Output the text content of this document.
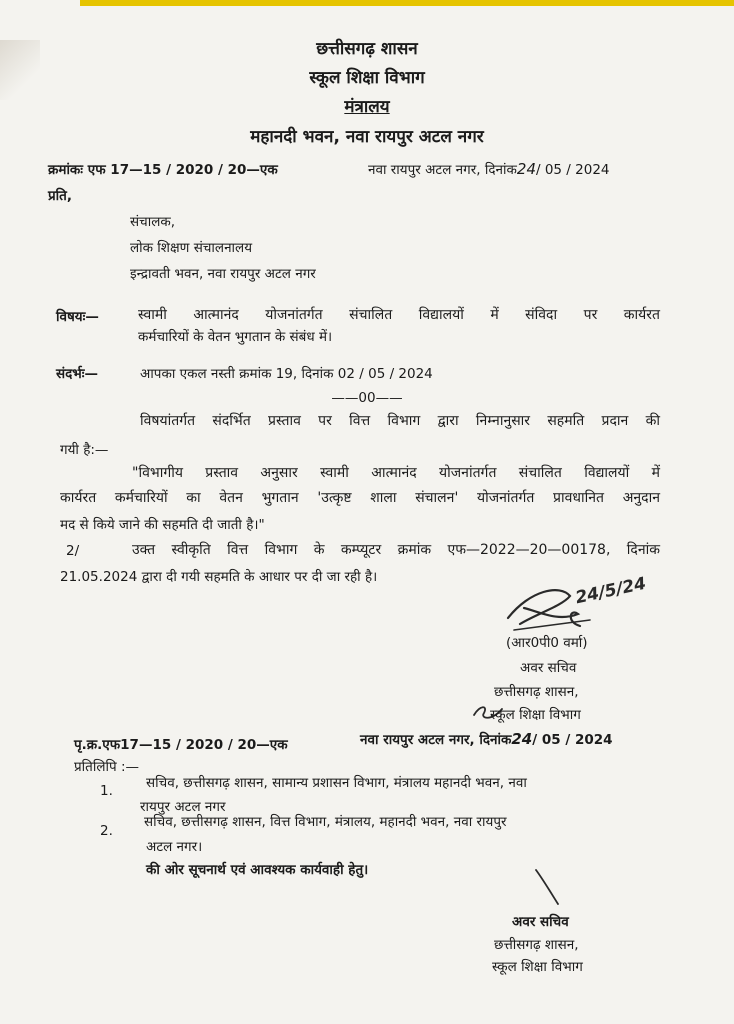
छत्तीसगढ़ शासन
स्कूल शिक्षा विभाग
मंत्रालय
महानदी भवन, नवा रायपुर अटल नगर
क्रमांकः एफ 17—15 / 2020 / 20—एक	नवा रायपुर अटल नगर, दिनांक24/ 05 / 2024
प्रति,
संचालक,
लोक शिक्षण संचालनालय
इन्द्रावती भवन, नवा रायपुर अटल नगर
विषयः—	स्वामी आत्मानंद योजनांतर्गत संचालित विद्यालयों में संविदा पर कार्यरत
कर्मचारियों के वेतन भुगतान के संबंध में।
संदर्भः—	आपका एकल नस्ती क्रमांक 19, दिनांक 02 / 05 / 2024
——00——
विषयांतर्गत संदर्भित प्रस्ताव पर वित्त विभाग द्वारा निम्नानुसार सहमति प्रदान की
गयी है:—
"विभागीय प्रस्ताव अनुसार स्वामी आत्मानंद योजनांतर्गत संचालित विद्यालयों में
कार्यरत कर्मचारियों का वेतन भुगतान 'उत्कृष्ट शाला संचालन' योजनांतर्गत प्रावधानित अनुदान
मद से किये जाने की सहमति दी जाती है।"
2/	उक्त स्वीकृति वित्त विभाग के कम्प्यूटर क्रमांक एफ—2022—20—00178, दिनांक
21.05.2024 द्वारा दी गयी सहमति के आधार पर दी जा रही है।	24/5/24
(आर0पी0 वर्मा)
अवर सचिव
छत्तीसगढ़ शासन,
स्कूल शिक्षा विभाग
पृ.क्र.एफ17—15 / 2020 / 20—एक	नवा रायपुर अटल नगर, दिनांक24/ 05 / 2024
प्रतिलिपि :—
1. सचिव, छत्तीसगढ़ शासन, सामान्य प्रशासन विभाग, मंत्रालय महानदी भवन, नवा
रायपुर अटल नगर
2.
सचिव, छत्तीसगढ़ शासन, वित्त विभाग, मंत्रालय, महानदी भवन, नवा रायपुर
अटल नगर।
की ओर सूचनार्थ एवं आवश्यक कार्यवाही हेतु।
अवर सचिव
छत्तीसगढ़ शासन,
स्कूल शिक्षा विभाग
